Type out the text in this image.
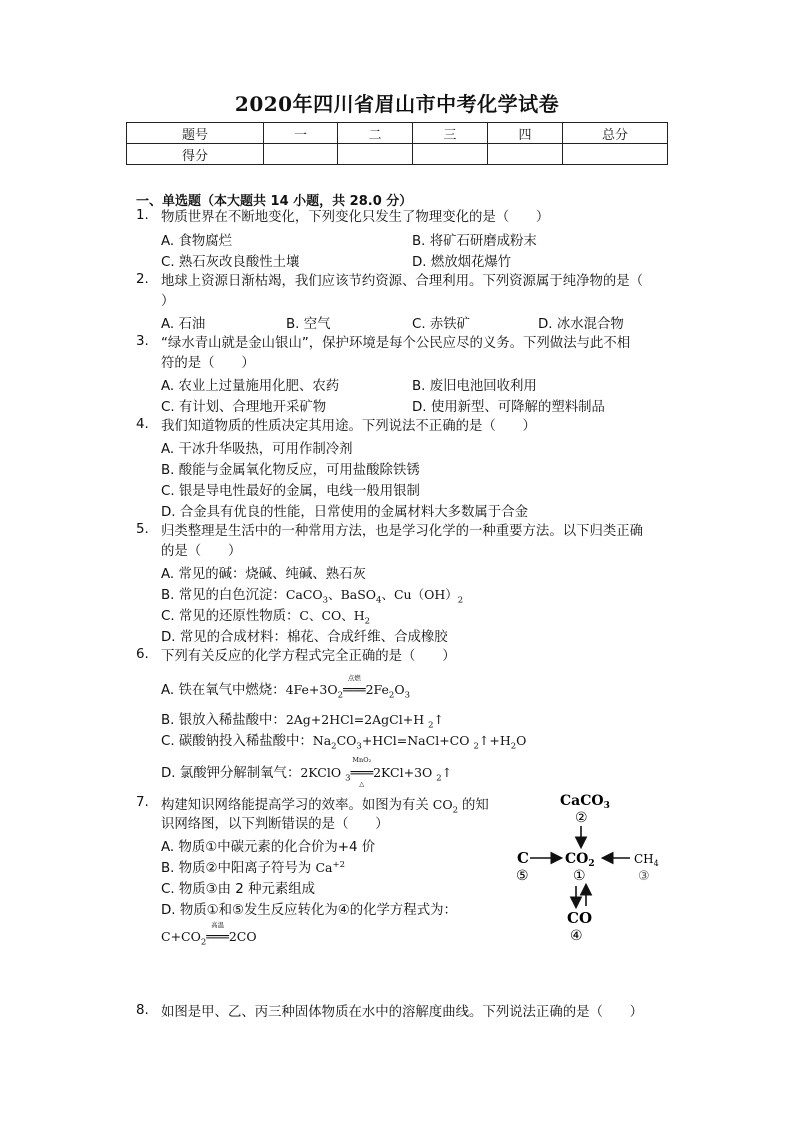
2020年四川省眉山市中考化学试卷
题号	一	二	三	四	总分
得分					
一、单选题（本大题共 14 小题，共 28.0 分）
1. 物质世界在不断地变化，下列变化只发生了物理变化的是（　　）
A. 食物腐烂	B. 将矿石研磨成粉末
C. 熟石灰改良酸性土壤	D. 燃放烟花爆竹
2. 地球上资源日渐枯竭，我们应该节约资源、合理利用。下列资源属于纯净物的是（
）
A. 石油	B. 空气	C. 赤铁矿	D. 冰水混合物
3. “绿水青山就是金山银山”，保护环境是每个公民应尽的义务。下列做法与此不相
符的是（　　）
A. 农业上过量施用化肥、农药	B. 废旧电池回收利用
C. 有计划、合理地开采矿物	D. 使用新型、可降解的塑料制品
4. 我们知道物质的性质决定其用途。下列说法不正确的是（　　）
A. 干冰升华吸热，可用作制冷剂
B. 酸能与金属氧化物反应，可用盐酸除铁锈
C. 银是导电性最好的金属，电线一般用银制
D. 合金具有优良的性能，日常使用的金属材料大多数属于合金
5. 归类整理是生活中的一种常用方法，也是学习化学的一种重要方法。以下归类正确
的是（　　）
A. 常见的碱：烧碱、纯碱、熟石灰
B. 常见的白色沉淀：CaCO$_3$、BaSO$_4$、$Cu(OH)_2$
C. 常见的还原性物质：C、CO、$H_2$
D. 常见的合成材料：棉花、合成纤维、合成橡胶
6. 下列有关反应的化学方程式完全正确的是（　　）
A. 铁在氧气中燃烧：$4Fe+3O_2$
点燃
$═══2Fe_2O_3$
B. 银放入稀盐酸中：2Ag+2HCl=2AgCl+H $_2$↑
C. 碳酸钠投入稀盐酸中：$Na_2CO_3+HCl=NaCl+CO$ $_2↑+H_2O$
D. 氯酸钾分解制氧气：2KClO $_3$
MnO₂
═══
△
2KCl+3O $_2$↑
7. 构建知识网络能提高学习的效率。如图为有关 $CO_2$ 的知
识网络图，以下判断错误的是（　　）
A. 物质①中碳元素的化合价为+4 价
B. 物质②中阳离子符号为 $Ca^{+2}$
C. 物质③由 2 种元素组成
D. 物质①和⑤发生反应转化为④的化学方程式为：
$C+CO_2$
高温
═══2CO
CaCO$_3$
②
$CO_2$
C
⑤
$CH_4$
③
①
CO
④
8. 如图是甲、乙、丙三种固体物质在水中的溶解度曲线。下列说法正确的是（　　）
